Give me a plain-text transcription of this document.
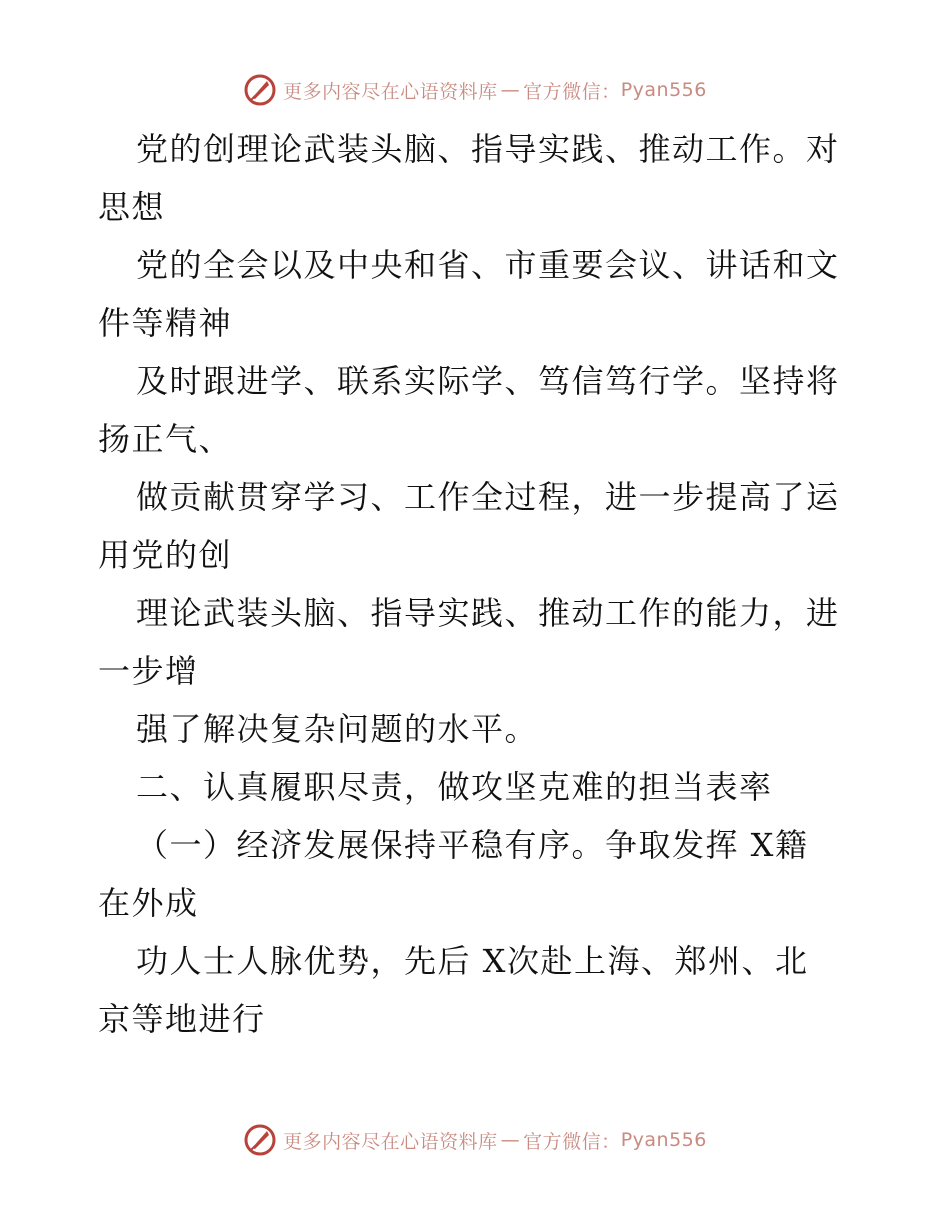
更多内容尽在心语资料库 — 官方微信： Pyan556
党的创理论武装头脑、指导实践、推动工作。对
思想
党的全会以及中央和省、市重要会议、讲话和文
件等精神
及时跟进学、联系实际学、笃信笃行学。坚持将
扬正气、
做贡献贯穿学习、工作全过程，进一步提高了运
用党的创
理论武装头脑、指导实践、推动工作的能力，进
一步增
强了解决复杂问题的水平。
二、认真履职尽责，做攻坚克难的担当表率
（一）经济发展保持平稳有序。争取发挥 X籍
在外成
功人士人脉优势，先后 X次赴上海、郑州、北
京等地进行
更多内容尽在心语资料库 — 官方微信： Pyan556
